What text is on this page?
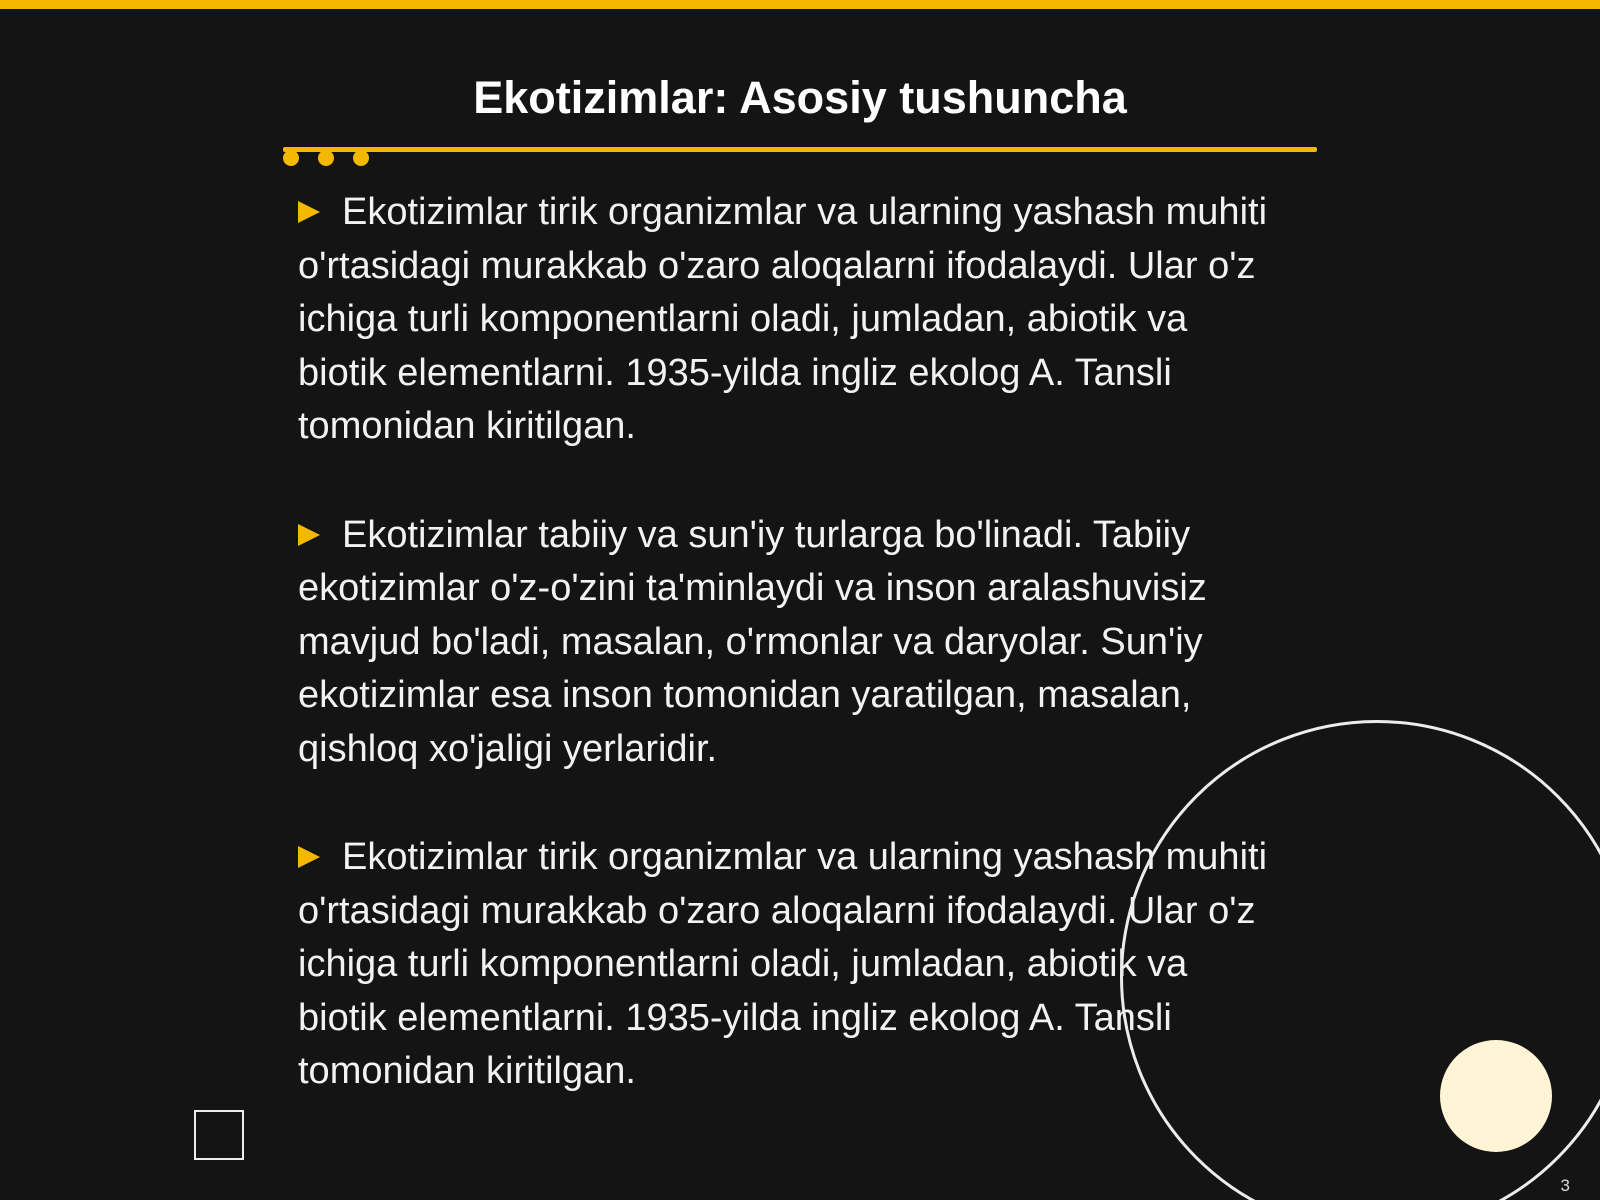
Ekotizimlar: Asosiy tushuncha

Ekotizimlar tirik organizmlar va ularning yashash muhiti o'rtasidagi murakkab o'zaro aloqalarni ifodalaydi. Ular o'z ichiga turli komponentlarni oladi, jumladan, abiotik va biotik elementlarni. 1935-yilda ingliz ekolog A. Tansli tomonidan kiritilgan.

Ekotizimlar tabiiy va sun'iy turlarga bo'linadi. Tabiiy ekotizimlar o'z-o'zini ta'minlaydi va inson aralashuvisiz mavjud bo'ladi, masalan, o'rmonlar va daryolar. Sun'iy ekotizimlar esa inson tomonidan yaratilgan, masalan, qishloq xo'jaligi yerlaridir.

Ekotizimlar tirik organizmlar va ularning yashash muhiti o'rtasidagi murakkab o'zaro aloqalarni ifodalaydi. Ular o'z ichiga turli komponentlarni oladi, jumladan, abiotik va biotik elementlarni. 1935-yilda ingliz ekolog A. Tansli tomonidan kiritilgan.

3
